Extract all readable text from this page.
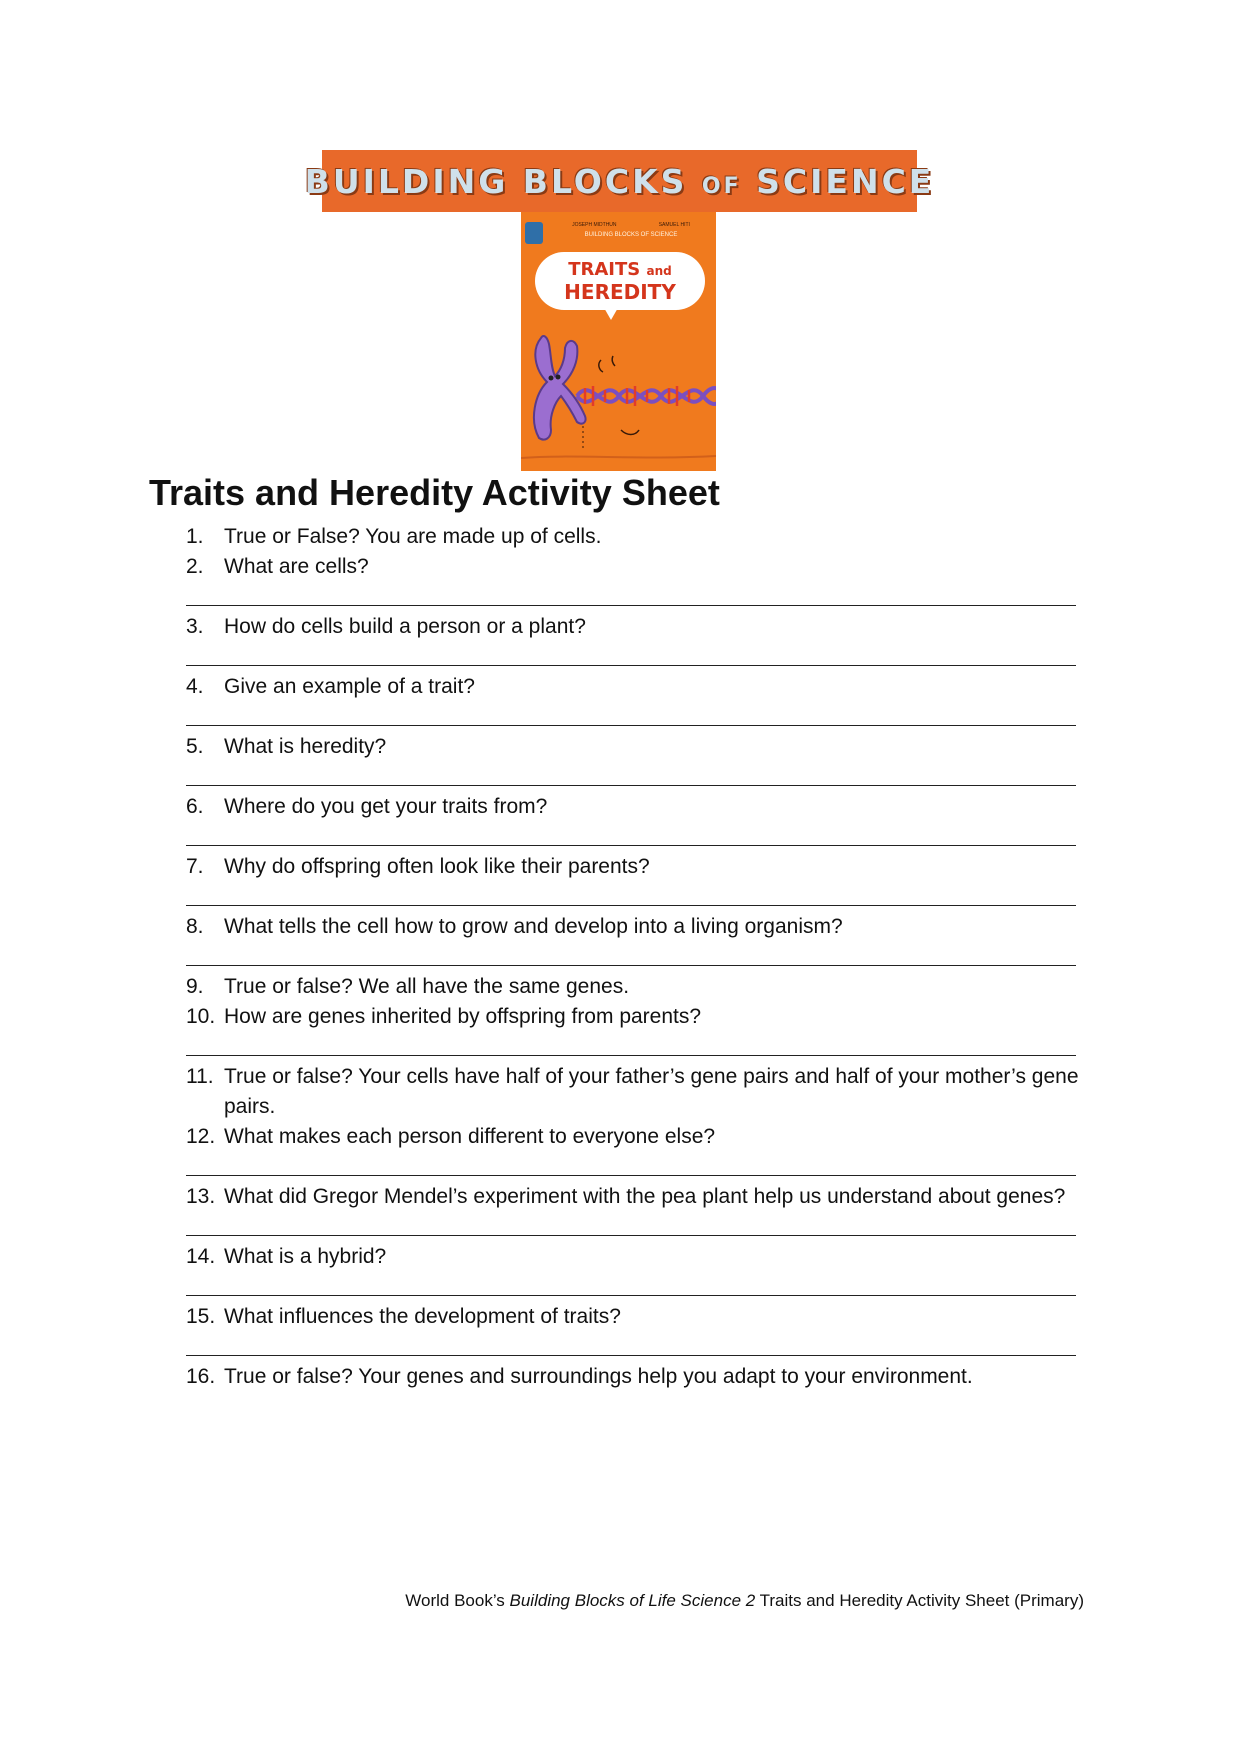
BUILDING BLOCKS OF SCIENCE
JOSEPH MIDTHUN	SAMUEL HITI
BUILDING BLOCKS OF SCIENCE
TRAITS and
HEREDITY
Traits and Heredity Activity Sheet
1. True or False? You are made up of cells.
2. What are cells?
3. How do cells build a person or a plant?
4. Give an example of a trait?
5. What is heredity?
6. Where do you get your traits from?
7. Why do offspring often look like their parents?
8. What tells the cell how to grow and develop into a living organism?
9. True or false? We all have the same genes.
10. How are genes inherited by offspring from parents?
11. True or false? Your cells have half of your father’s gene pairs and half of your mother’s gene pairs.
12. What makes each person different to everyone else?
13. What did Gregor Mendel’s experiment with the pea plant help us understand about genes?
14. What is a hybrid?
15. What influences the development of traits?
16. True or false? Your genes and surroundings help you adapt to your environment.
World Book’s Building Blocks of Life Science 2 Traits and Heredity Activity Sheet (Primary)
